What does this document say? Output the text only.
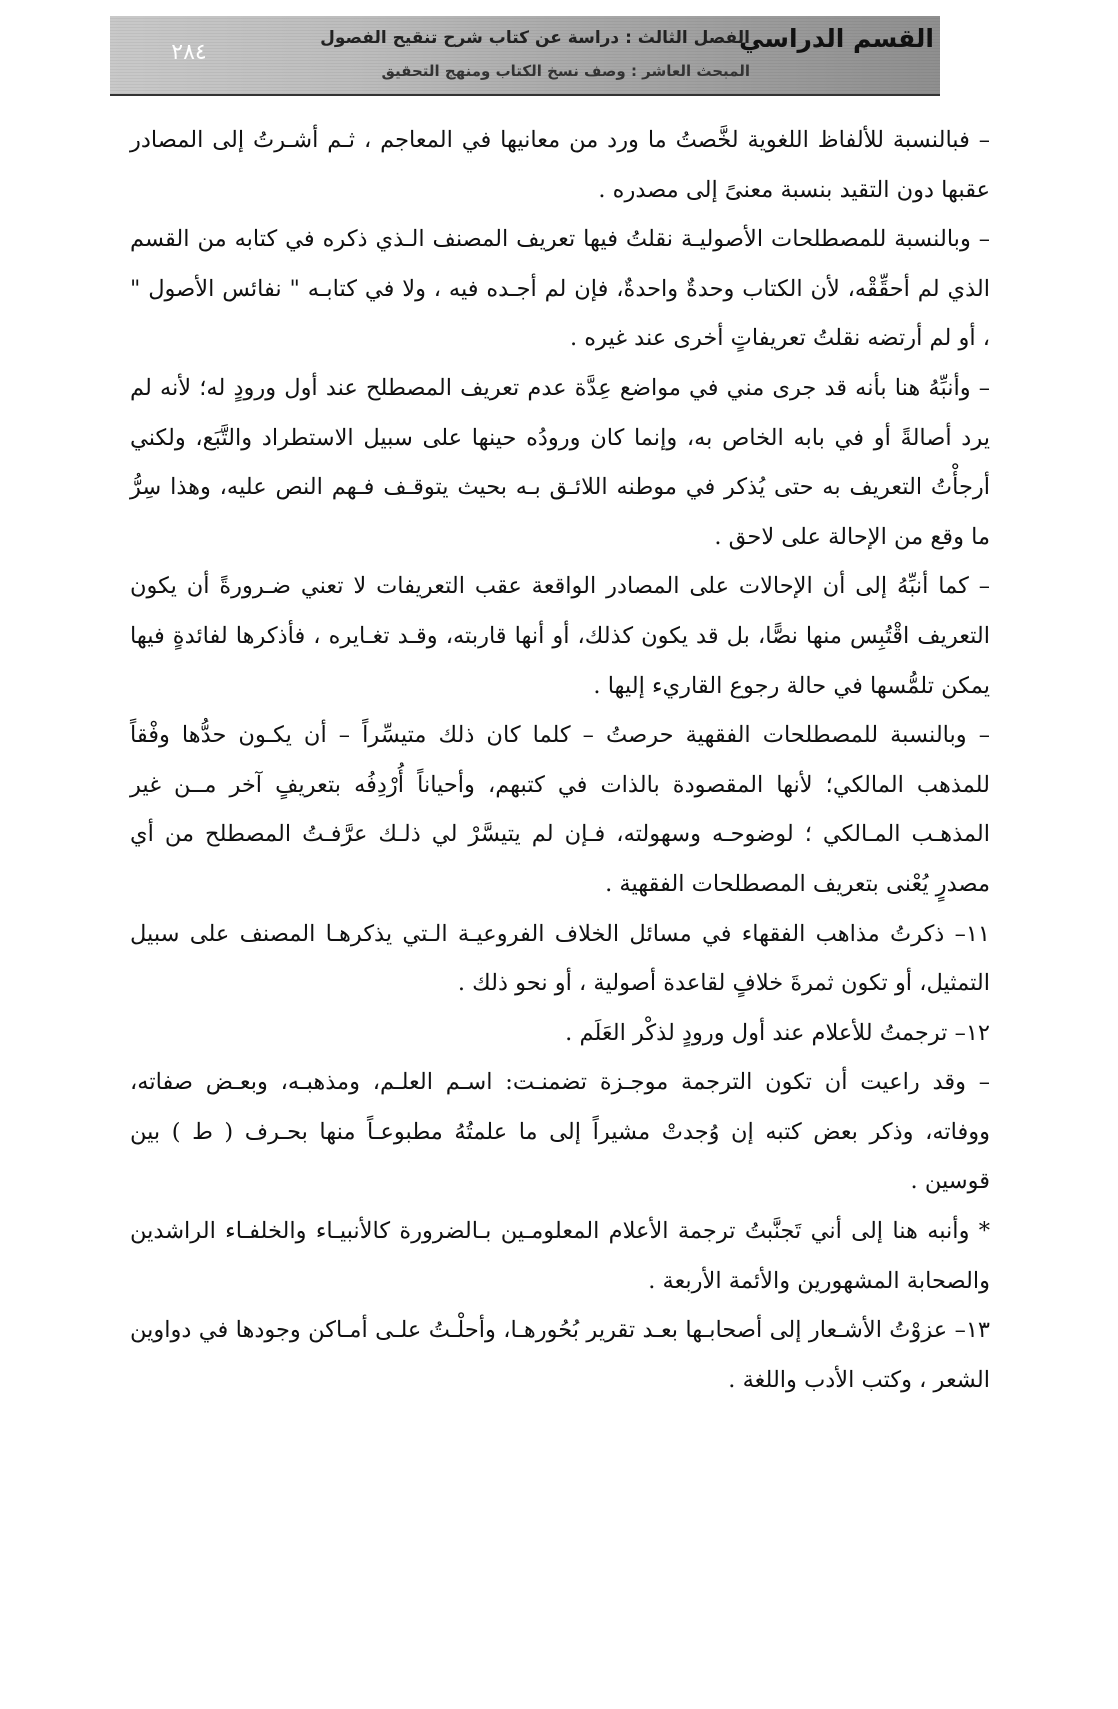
٢٨٤	القسم الدراسي
الفصل الثالث : دراسة عن كتاب شرح تنقيح الفصول
المبحث العاشر : وصف نسخ الكتاب ومنهج التحقيق

– فبالنسبة للألفاظ اللغوية لخَّصتُ ما ورد من معانيها في المعاجم ، ثـم أشـرتُ إلى المصادر عقبها دون التقيد بنسبة معنىً إلى مصدره .

– وبالنسبة للمصطلحات الأصوليـة نقلتُ فيها تعريف المصنف الـذي ذكره في كتابه من القسم الذي لم أحقِّقْه، لأن الكتاب وحدةٌ واحدةٌ، فإن لم أجـده فيه ، ولا في كتابـه " نفائس الأصول " ، أو لم أرتضه نقلتُ تعريفاتٍ أخرى عند غيره .

– وأنبِّهُ هنا بأنه قد جرى مني في مواضع عِدَّة عدم تعريف المصطلح عند أول ورودٍ له؛ لأنه لم يرد أصالةً أو في بابه الخاص به، وإنما كان ورودُه حينها على سبيل الاستطراد والتَّبَع، ولكني أرجأْتُ التعريف به حتى يُذكر في موطنه اللائـق بـه بحيث يتوقـف فـهم النص عليه، وهذا سِرُّ ما وقع من الإحالة على لاحق .

– كما أنبِّهُ إلى أن الإحالات على المصادر الواقعة عقب التعريفات لا تعني ضـرورةً أن يكون التعريف اقْتُبِس منها نصًّا، بل قد يكون كذلك، أو أنها قاربته، وقـد تغـايره ، فأذكرها لفائدةٍ فيها يمكن تلمُّسها في حالة رجوع القاريء إليها .

– وبالنسبة للمصطلحات الفقهية حرصتُ – كلما كان ذلك متيسِّراً – أن يكـون حدُّها وفْقاً للمذهب المالكي؛ لأنها المقصودة بالذات في كتبهم، وأحياناً أُرْدِفُه بتعريفٍ آخر مــن غير المذهـب المـالكي ؛ لوضوحـه وسهولته، فـإن لم يتيسَّرْ لي ذلـك عرَّفـتُ المصطلح من أي مصدرٍ يُعْنى بتعريف المصطلحات الفقهية .

١١– ذكرتُ مذاهب الفقهاء في مسائل الخلاف الفروعيـة الـتي يذكرهـا المصنف على سبيل التمثيل، أو تكون ثمرةَ خلافٍ لقاعدة أصولية ، أو نحو ذلك .

١٢– ترجمتُ للأعلام عند أول ورودٍ لذكْر العَلَم .

– وقد راعيت أن تكون الترجمة موجـزة تضمنـت: اسـم العلـم، ومذهبـه، وبعـض صفاته، ووفاته، وذكر بعض كتبه إن وُجدتْ مشيراً إلى ما علمتُهُ مطبوعـاً منها بحـرف ( ط ) بين قوسين .

* وأنبه هنا إلى أني تَجنَّبتُ ترجمة الأعلام المعلومـين بـالضرورة كالأنبيـاء والخلفـاء الراشدين والصحابة المشهورين والأئمة الأربعة .

١٣– عزوْتُ الأشـعار إلى أصحابـها بعـد تقرير بُحُورهـا، وأحلْـتُ علـى أمـاكن وجودها في دواوين الشعر ، وكتب الأدب واللغة .
